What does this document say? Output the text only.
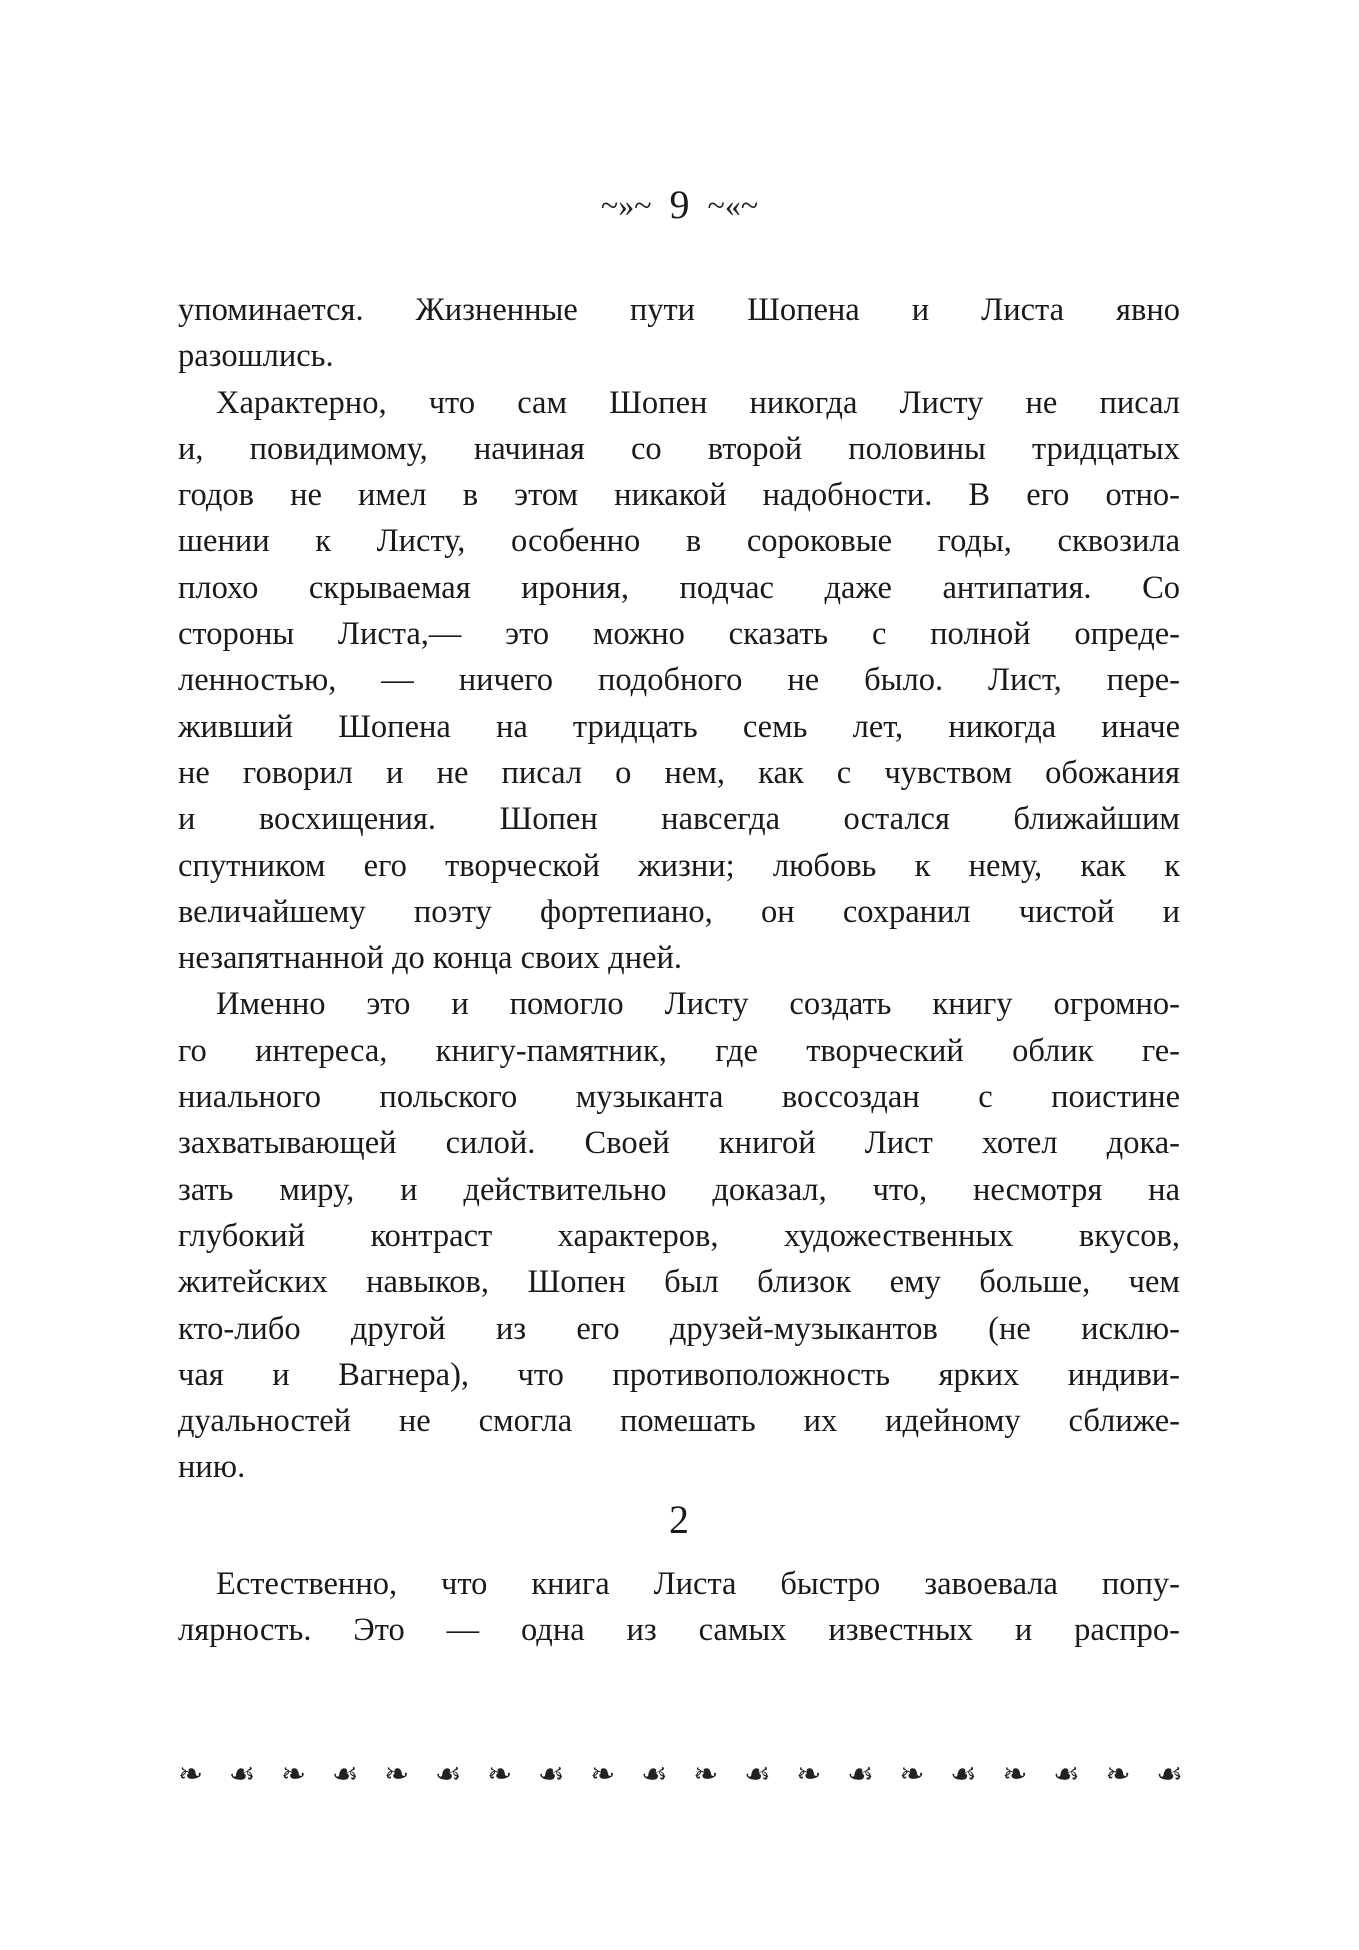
~»~ 9 ~«~
упоминается. Жизненные пути Шопена и Листа явно
разошлись.
Характерно, что сам Шопен никогда Листу не писал
и, повидимому, начиная со второй половины тридцатых
годов не имел в этом никакой надобности. В его отно-
шении к Листу, особенно в сороковые годы, сквозила
плохо скрываемая ирония, подчас даже антипатия. Со
стороны Листа,— это можно сказать с полной опреде-
ленностью, — ничего подобного не было. Лист, пере-
живший Шопена на тридцать семь лет, никогда иначе
не говорил и не писал о нем, как с чувством обожания
и восхищения. Шопен навсегда остался ближайшим
спутником его творческой жизни; любовь к нему, как к
величайшему поэту фортепиано, он сохранил чистой и
незапятнанной до конца своих дней.
Именно это и помогло Листу создать книгу огромно-
го интереса, книгу-памятник, где творческий облик ге-
ниального польского музыканта воссоздан с поистине
захватывающей силой. Своей книгой Лист хотел дока-
зать миру, и действительно доказал, что, несмотря на
глубокий контраст характеров, художественных вкусов,
житейских навыков, Шопен был близок ему больше, чем
кто-либо другой из его друзей-музыкантов (не исклю-
чая и Вагнера), что противоположность ярких индиви-
дуальностей не смогла помешать их идейному сближе-
нию.
2
Естественно, что книга Листа быстро завоевала попу-
лярность. Это — одна из самых известных и распро-
❧ ☙ ❧ ☙ ❧ ☙ ❧ ☙ ❧ ☙ ❧ ☙ ❧ ☙ ❧ ☙ ❧ ☙ ❧ ☙
